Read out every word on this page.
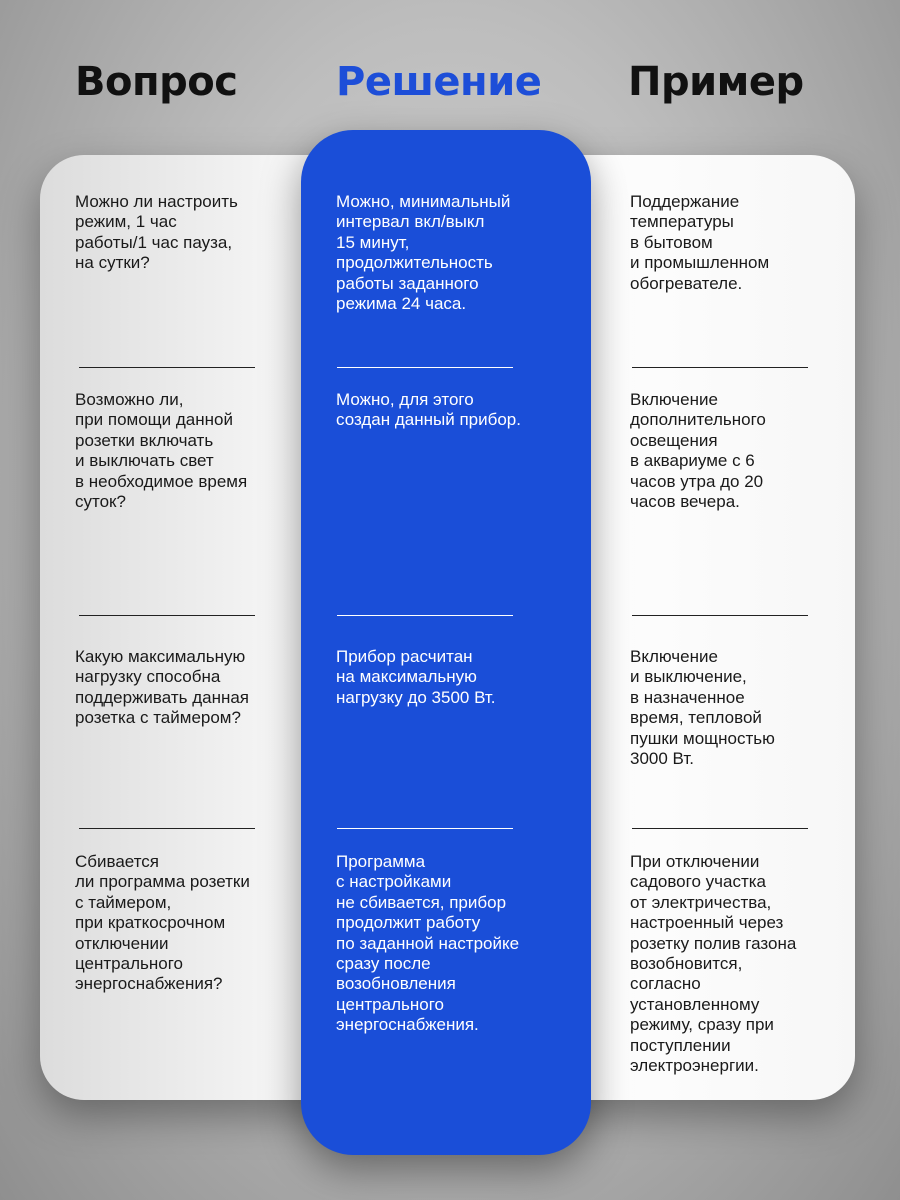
Вопрос Решение Пример

Можно ли настроить
режим, 1 час
работы/1 час пауза,
на сутки?

Можно, минимальный
интервал вкл/выкл
15 минут,
продолжительность
работы заданного
режима 24 часа.

Поддержание
температуры
в бытовом
и промышленном
обогревателе.

Возможно ли,
при помощи данной
розетки включать
и выключать свет
в необходимое время
суток?

Можно, для этого
создан данный прибор.

Включение
дополнительного
освещения
в аквариуме с 6
часов утра до 20
часов вечера.

Какую максимальную
нагрузку способна
поддерживать данная
розетка с таймером?

Прибор расчитан
на максимальную
нагрузку до 3500 Вт.

Включение
и выключение,
в назначенное
время, тепловой
пушки мощностью
3000 Вт.

Сбивается
ли программа розетки
с таймером,
при краткосрочном
отключении
центрального
энергоснабжения?

Программа
с настройками
не сбивается, прибор
продолжит работу
по заданной настройке
сразу после
возобновления
центрального
энергоснабжения.

При отключении
садового участка
от электричества,
настроенный через
розетку полив газона
возобновится,
согласно
установленному
режиму, сразу при
поступлении
электроэнергии.
